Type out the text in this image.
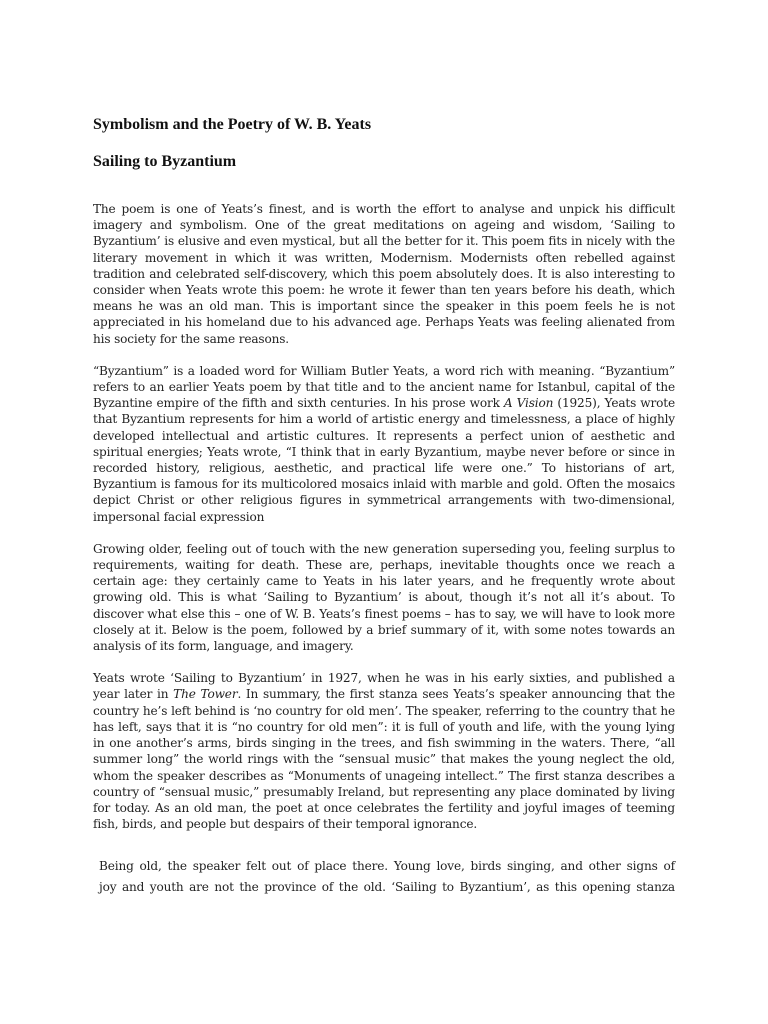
Symbolism and the Poetry of W. B. Yeats
Sailing to Byzantium

The poem is one of Yeats’s finest, and is worth the effort to analyse and unpick his difficult imagery and symbolism. One of the great meditations on ageing and wisdom, ‘Sailing to Byzantium’ is elusive and even mystical, but all the better for it. This poem fits in nicely with the literary movement in which it was written, Modernism. Modernists often rebelled against tradition and celebrated self-discovery, which this poem absolutely does. It is also interesting to consider when Yeats wrote this poem: he wrote it fewer than ten years before his death, which means he was an old man. This is important since the speaker in this poem feels he is not appreciated in his homeland due to his advanced age. Perhaps Yeats was feeling alienated from his society for the same reasons.

“Byzantium” is a loaded word for William Butler Yeats, a word rich with meaning. “Byzantium” refers to an earlier Yeats poem by that title and to the ancient name for Istanbul, capital of the Byzantine empire of the fifth and sixth centuries. In his prose work A Vision (1925), Yeats wrote that Byzantium represents for him a world of artistic energy and timelessness, a place of highly developed intellectual and artistic cultures. It represents a perfect union of aesthetic and spiritual energies; Yeats wrote, “I think that in early Byzantium, maybe never before or since in recorded history, religious, aesthetic, and practical life were one.” To historians of art, Byzantium is famous for its multicolored mosaics inlaid with marble and gold. Often the mosaics depict Christ or other religious figures in symmetrical arrangements with two-dimensional, impersonal facial expression

Growing older, feeling out of touch with the new generation superseding you, feeling surplus to requirements, waiting for death. These are, perhaps, inevitable thoughts once we reach a certain age: they certainly came to Yeats in his later years, and he frequently wrote about growing old. This is what ‘Sailing to Byzantium’ is about, though it’s not all it’s about. To discover what else this – one of W. B. Yeats’s finest poems – has to say, we will have to look more closely at it. Below is the poem, followed by a brief summary of it, with some notes towards an analysis of its form, language, and imagery.

Yeats wrote ‘Sailing to Byzantium’ in 1927, when he was in his early sixties, and published a year later in The Tower. In summary, the first stanza sees Yeats’s speaker announcing that the country he’s left behind is ‘no country for old men’. The speaker, referring to the country that he has left, says that it is “no country for old men”: it is full of youth and life, with the young lying in one another’s arms, birds singing in the trees, and fish swimming in the waters. There, “all summer long” the world rings with the “sensual music” that makes the young neglect the old, whom the speaker describes as “Monuments of unageing intellect.” The first stanza describes a country of “sensual music,” presumably Ireland, but representing any place dominated by living for today. As an old man, the poet at once celebrates the fertility and joyful images of teeming fish, birds, and people but despairs of their temporal ignorance.

Being old, the speaker felt out of place there. Young love, birds singing, and other signs of
joy and youth are not the province of the old. ‘Sailing to Byzantium’, as this opening stanza
